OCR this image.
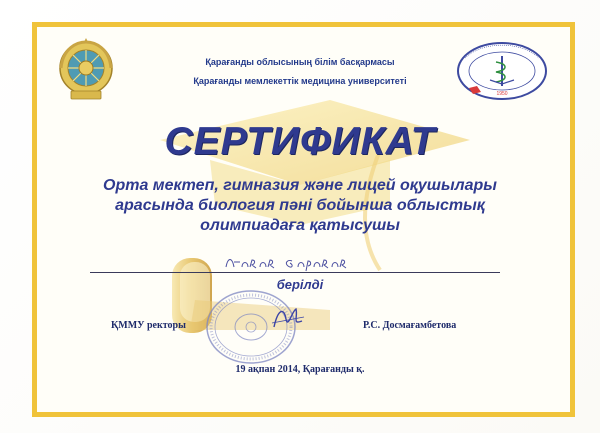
1950
Қарағанды облысының білім басқармасы
Қарағанды мемлекеттік медицина университеті
СЕРТИФИКАТ
Орта мектеп, гимназия және лицей оқушылары
арасында биология пәні бойынша облыстық
олимпиадаға қатысушы
берілді
ҚММУ ректоры	Р.С. Досмағамбетова
19 ақпан 2014, Қарағанды қ.
